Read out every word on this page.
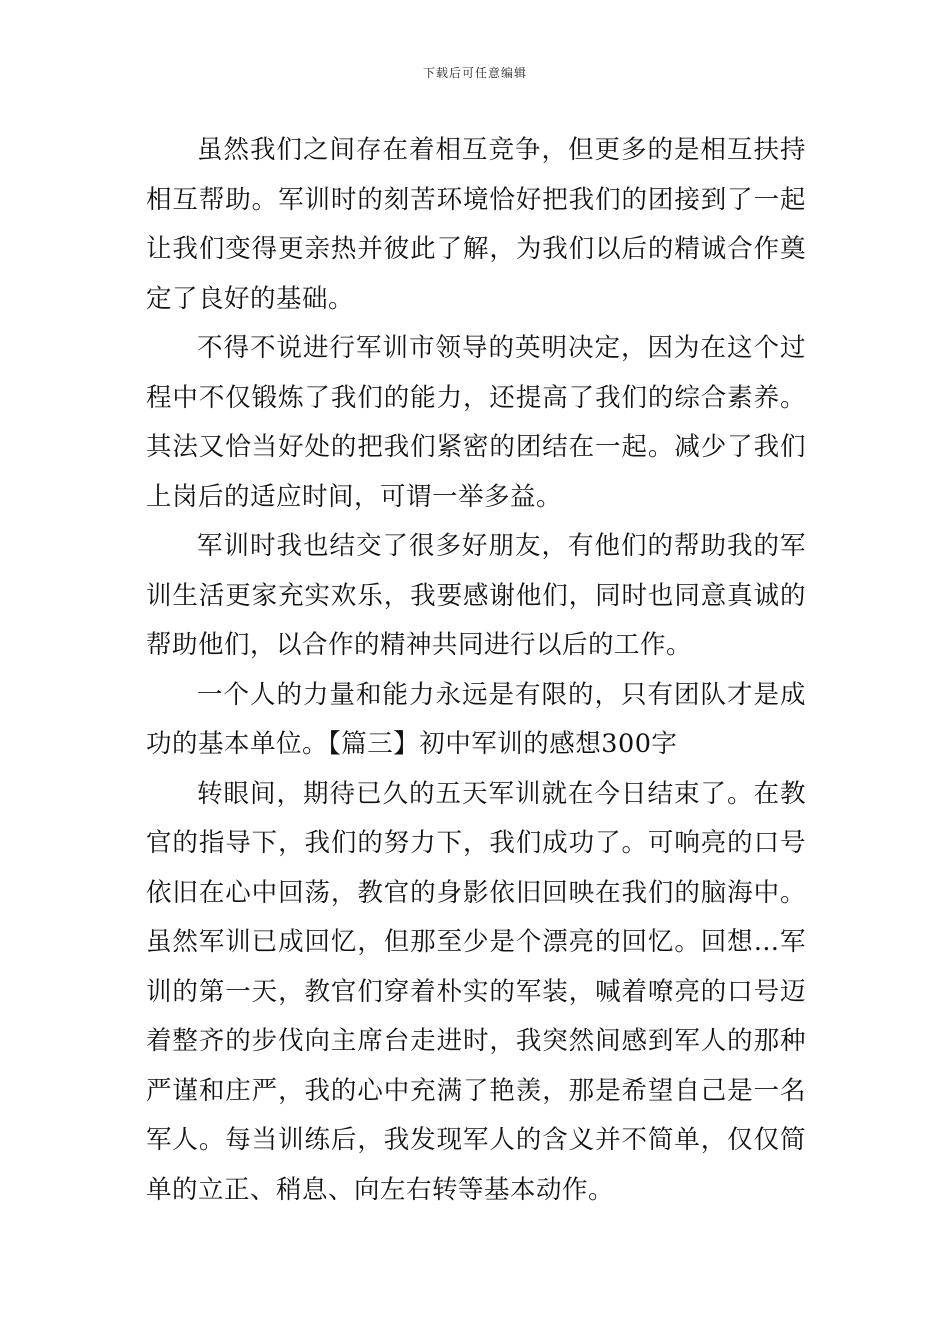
下载后可任意编辑

虽然我们之间存在着相互竞争，但更多的是相互扶持相互帮助。军训时的刻苦环境恰好把我们的团接到了一起让我们变得更亲热并彼此了解，为我们以后的精诚合作奠定了良好的基础。

不得不说进行军训市领导的英明决定，因为在这个过程中不仅锻炼了我们的能力，还提高了我们的综合素养。其法又恰当好处的把我们紧密的团结在一起。减少了我们上岗后的适应时间，可谓一举多益。

军训时我也结交了很多好朋友，有他们的帮助我的军训生活更家充实欢乐，我要感谢他们，同时也同意真诚的帮助他们，以合作的精神共同进行以后的工作。

一个人的力量和能力永远是有限的，只有团队才是成功的基本单位。【篇三】初中军训的感想300字

转眼间，期待已久的五天军训就在今日结束了。在教官的指导下，我们的努力下，我们成功了。可响亮的口号依旧在心中回荡，教官的身影依旧回映在我们的脑海中。虽然军训已成回忆，但那至少是个漂亮的回忆。回想…军训的第一天，教官们穿着朴实的军装，喊着嘹亮的口号迈着整齐的步伐向主席台走进时，我突然间感到军人的那种严谨和庄严，我的心中充满了艳羡，那是希望自己是一名军人。每当训练后，我发现军人的含义并不简单，仅仅简单的立正、稍息、向左右转等基本动作。
